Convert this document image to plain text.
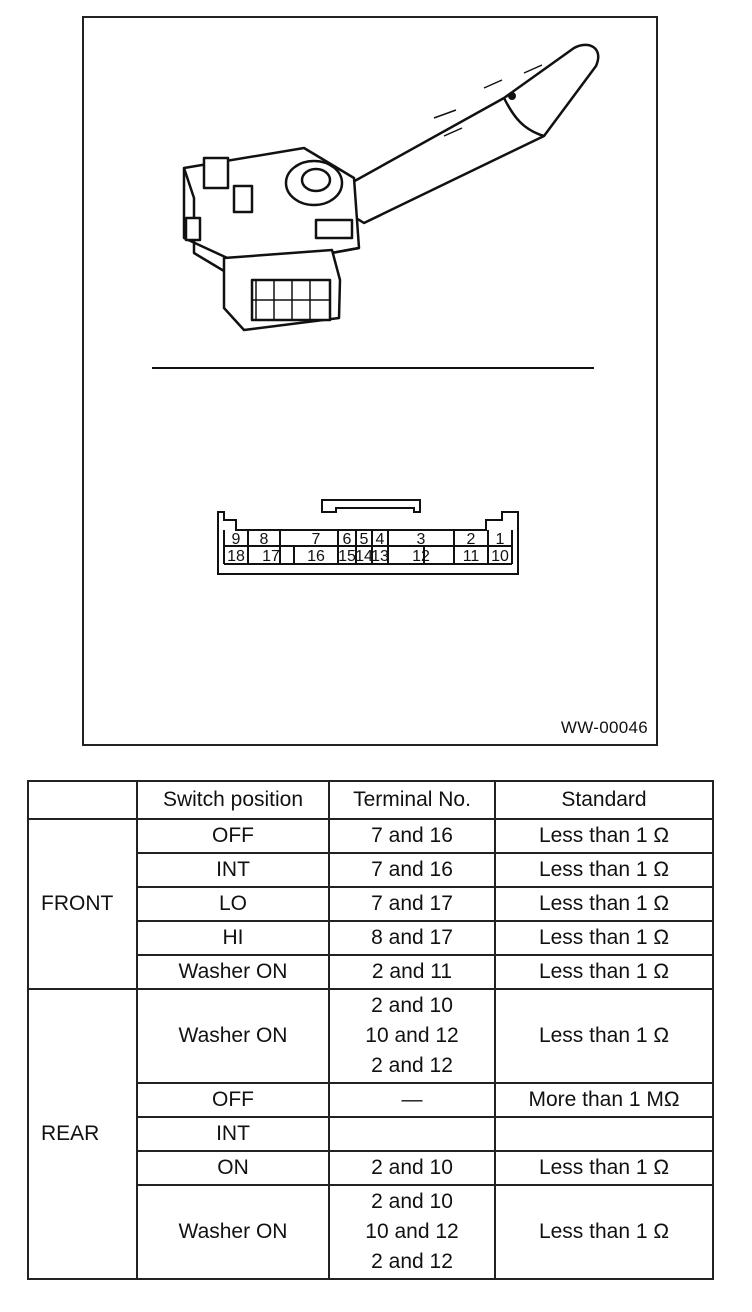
9 8	7 6 5 4 3	2 1
18 17 16 15 14
13 12 11 10
WW-00046
	Switch position	Terminal No.	Standard
FRONT	OFF	7 and 16	Less than 1 Ω
	INT	7 and 16	Less than 1 Ω
	LO	7 and 17	Less than 1 Ω
	HI	8 and 17	Less than 1 Ω
	Washer ON	2 and 11	Less than 1 Ω
REAR	Washer ON	2 and 10
10 and 12
2 and 12	Less than 1 Ω
	OFF	—	More than 1 MΩ
	INT		
	ON	2 and 10	Less than 1 Ω
	Washer ON	2 and 10
10 and 12
2 and 12	Less than 1 Ω
